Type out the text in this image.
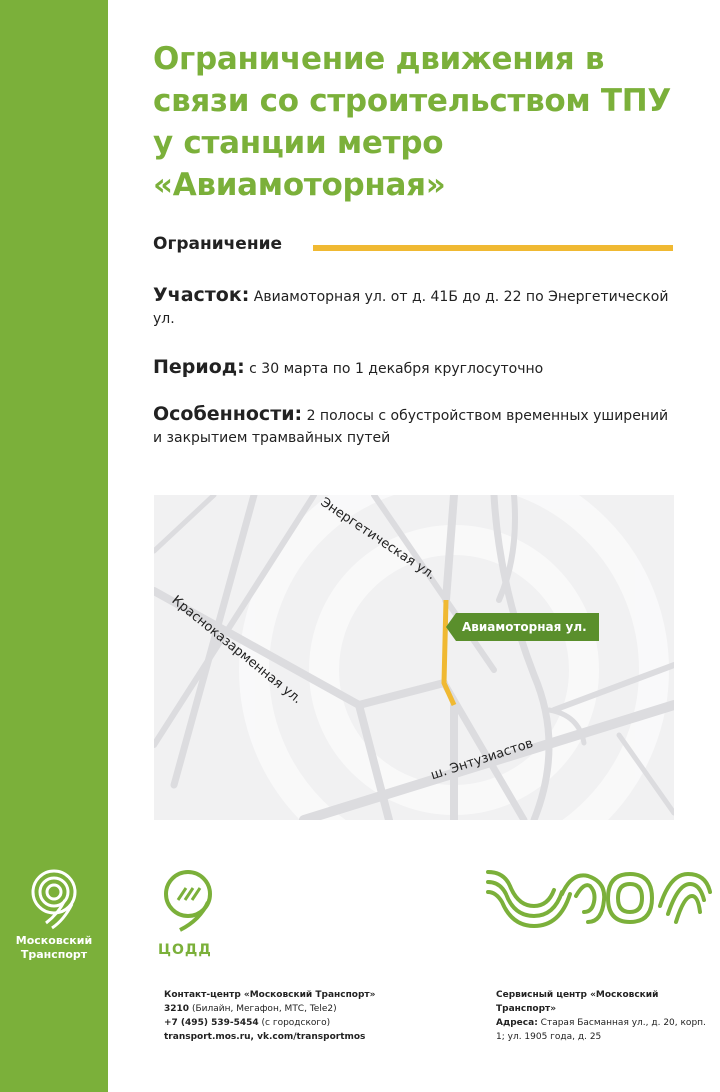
Московский
Транспорт
Ограничение движения в связи со строительством ТПУ у станции метро «Авиамоторная»
Ограничение
Участок: Авиамоторная ул. от д. 41Б до д. 22 по Энергетической ул.
Период: с 30 марта по 1 декабря круглосуточно
Особенности: 2 полосы с обустройством временных уширений и закрытием трамвайных путей
Энергетическая ул.
Краснoказарменная ул.
ш. Энтузиастов
Авиамоторная ул.
ЦОДД
Контакт-центр «Московский Транспорт»
3210 (Билайн, Мегафон, МТС, Tele2)
+7 (495) 539-5454 (с городского)
transport.mos.ru, vk.com/transportmos
Сервисный центр «Московский Транспорт»
Адреса: Старая Басманная ул., д. 20, корп. 1; ул. 1905 года, д. 25
